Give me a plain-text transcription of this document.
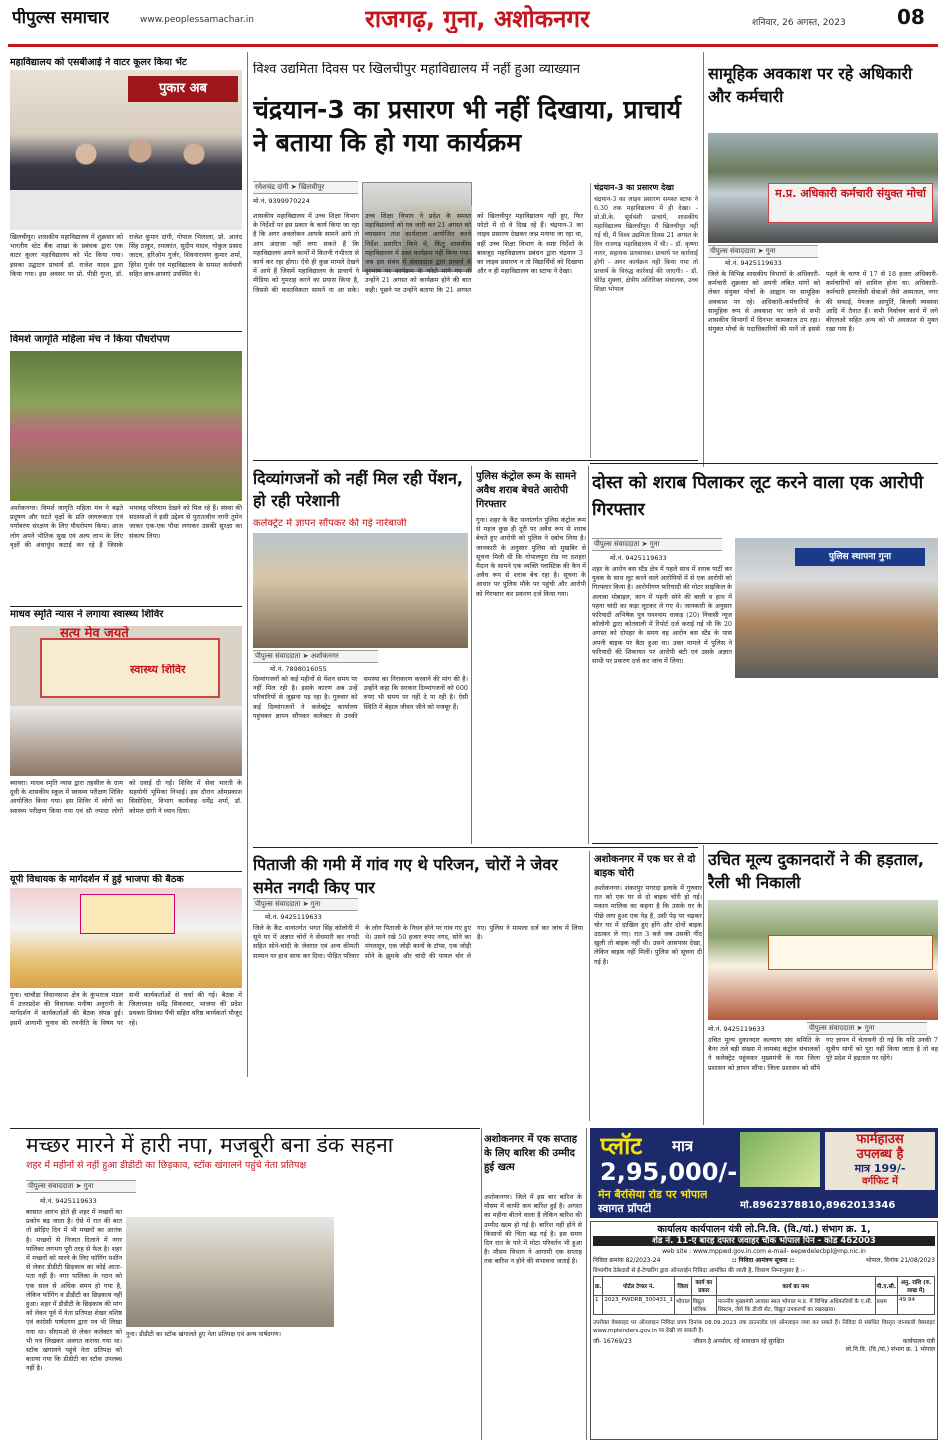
पीपुल्स समाचार	www.peoplessamachar.in	राजगढ़, गुना, अशोकनगर	शनिवार, 26 अगस्त, 2023	08
महाविद्यालय को एसबीआई ने वाटर कूलर किया भेंट
पुकार अब
खिलचीपुर। शासकीय महाविद्यालय में शुक्रवार को भारतीय स्टेट बैंक शाखा के प्रबंधक द्वारा एक वाटर कूलर महाविद्यालय को भेंट किया गया। इसका उद्घाटन प्राचार्य डॉ. राजेश यादव द्वारा किया गया। इस अवसर पर प्रो. पीडी गुप्ता, डॉ. राजेश कुमार दांगी, गोपाल भिलाला, प्रो. आनंद सिंह ठाकुर, रमाकांत, सुदीप यादव, गोकुल प्रसाद जाटव, हरिओम गुर्जर, शिवनारायण कुमार शर्मा, हिरेश गुर्जर एवं महाविद्यालय के समस्त कर्मचारी सहित छात्र-छात्राएं उपस्थित थे।
विमर्श जागृति महिला मंच ने किया पौधरोपण
अशोकनगर। विमर्श जागृति महिला मंच ने बढ़ते प्रदूषण और घटते वृक्षों के प्रति जागरूकता एवं पर्यावरण संरक्षण के लिए पौधरोपण किया। आज लोग अपने भौतिक सुख एवं अल्प लाभ के लिए वृक्षों की अंधाधुंध कटाई कर रहे हैं जिसके भयावह परिणाम देखने को मिल रहे हैं। संस्था की सदस्याओं ने इसी उद्देश्य से पुरातत्वीय नगरी तुमेन जाकर एक-एक पौधा लगाकर उसकी सुरक्षा का संकल्प लिया।
माधव स्मृति न्यास ने लगाया स्वास्थ्य शिविर
सत्य मेव जयते
स्वास्थ्य शिविर
ब्यावरा। माधव स्मृति न्यास द्वारा तहसील के ग्राम दूधी के शासकीय स्कूल में स्वास्थ्य परीक्षण शिविर आयोजित किया गया। इस शिविर में लोगों का स्वास्थ्य परीक्षण किया गया एवं सौ ज्यादा लोगों को दवाई दी गईं। शिविर में सेवा भारती के सहयोगी भूमिका निभाई। इस दौरान ओमप्रकाश सिसोदिया, विभाग कार्यवाह धर्मेंद्र शर्मा, डॉ. कोमल दांगी ने ध्यान दिया।
यूपी विधायक के मार्गदर्शन में हुई भाजपा की बैठक
गुना। चांचौड़ा विधानसभा क्षेत्र के कुंभराज मंडल में उत्तरप्रदेश की विधायक मनीषा अनुरागी के मार्गदर्शन में कार्यकर्ताओं की बैठक संपन्न हुई। इसमें आगामी चुनाव की रणनीति के विषय पर सभी कार्यकर्ताओं से चर्चा की गई। बैठक में जिलाध्यक्ष धर्मेंद्र सिकरवार, भाजपा की प्रदेश प्रवक्ता प्रियंका पैंची सहित वरिष्ठ कार्यकर्ता मौजूद रहे।
विश्व उद्यमिता दिवस पर खिलचीपुर महाविद्यालय में नहीं हुआ व्याख्यान
चंद्रयान-3 का प्रसारण भी नहीं दिखाया, प्राचार्य ने बताया कि हो गया कार्यक्रम
रमेशचंद्र दांगी ➤ खिलचीपुर
मो.नं. 9399970224
शासकीय महाविद्यालय में उच्च शिक्षा विभाग के निर्देशों पर इस प्रकार के कार्य किया जा रहा है कि अगर अवलोकन आपके सामने आये तो आप अंदाजा नहीं लगा सकते हैं कि महाविद्यालय अपने कार्यों में कितनी गंभीरता से कार्य कर रहा होगा। ऐसे ही कुछ मामले देखने में आये हैं जिसमें महाविद्यालय के प्राचार्य ने मीडिया को गुमराह करने का प्रयास किया है, जिससे की वास्तविकता सामने ना आ सके। उच्च शिक्षा विभाग ने प्रदेश के समस्त महाविद्यालयों को पत्र जारी कर 21 अगस्त को व्याख्यान तथा कार्यशाला आयोजित करने निर्देश प्रसारित किये थे, किंतु शासकीय महाविद्यालय में उक्त कार्यक्रम नहीं किया गया। जब इस संबंध में संवाददाता द्वारा प्राचार्य से दूरभाष पर कार्यक्रम के फोटो मांगे गए तो उन्होंने 21 अगस्त को कार्यक्रम होने की बात कही। पूछने पर उन्होंने बताया कि 21 अगस्त को खिलचीपुर महाविद्यालय नहीं हुए, फिर फोटो में दो वे दिख रहे हैं। चंद्रयान-3 का लाइव प्रसारण देखकर जश्न मनाया जा रहा था, वहीं उच्च शिक्षा विभाग के स्पष्ट निर्देशों के बावजूद महाविद्यालय प्रबंधन द्वारा चंद्रयान 3 का लाइव प्रसारण न तो विद्यार्थियों को दिखाया और न ही महाविद्यालय का स्टाफ ने देखा।
चंद्रयान-3 का प्रसारण देखा
चंद्रयान-3 का लाइव प्रसारण समस्त स्टाफ ने 6.30 तक महाविद्यालय में ही देखा। - प्रो.डी.के. सूर्यवंशी प्राचार्य, शासकीय महाविद्यालय खिलचीपुर। मैं खिलचीपुर नहीं गई थी, मैं विश्व उद्यमिता दिवस 21 अगस्त के दिन राजगढ़ महाविद्यालय में थी। - डॉ. कृष्णा नागर, सहायक प्राध्यापक। प्राचार्य पर कार्रवाई होगी - अगर कार्यक्रम नहीं किया गया तो प्राचार्य के विरुद्ध कार्रवाई की जाएगी। - डॉ. धीरेंद्र शुक्ला, क्षेत्रीय अतिरिक्त संचालक, उच्च शिक्षा भोपाल
सामूहिक अवकाश पर रहे अधिकारी और कर्मचारी
म.प्र. अधिकारी कर्मचारी संयुक्त मोर्चा
पीपुल्स संवाददाता ➤ गुना
मो.नं. 9425119633
जिले के विभिन्न शासकीय विभागों के अधिकारी-कर्मचारी शुक्रवार को अपनी लंबित मांगों को लेकर संयुक्त मोर्चा के आह्वान पर सामूहिक अवकाश पर रहे। अधिकारी-कर्मचारियों के सामूहिक रूप से अवकाश पर जाने से सभी शासकीय विभागों में दिनभर कामकाज ठप रहा। संयुक्त मोर्चा के पदाधिकारियों की मानें तो इससे पहले के चरण में 17 से 18 हजार अधिकारी-कर्मचारियों को शामिल होना था। अधिकारी-कर्मचारी इमरजेंसी सेवाओं जैसे अस्पताल, नगर की सफाई, पेयजल आपूर्ति, बिजली व्यवस्था आदि में तैनात हैं। सभी निर्वाचन कार्य में लगे बीएलओ सहित अन्य को भी अवकाश से मुक्त रखा गया है।
दोस्त को शराब पिलाकर लूट करने वाला एक आरोपी गिरफ्तार
पीपुल्स संवाददाता ➤ गुना
मो.नं. 9425119633	पुलिस स्थापना गुना
शहर के आरोन बस स्टैंड क्षेत्र में पहले साथ में शराब पार्टी कर युवक के साथ लूट करने वाले आरोपियों में से एक आरोपी को गिरफ्तार किया है। आरोपीगण फरियादी की मोटर साइकिल के अलावा मोबाइल, कान में पहनी सोने की बाली व हाथ में पहना चांदी का कड़ा लूटकर ले गए थे। जानकारी के अनुसार फरियादी अभिषेक पुत्र घनश्याम धाकड़ (20) निवासी न्यूज कॉलोनी द्वारा कोतवाली में रिपोर्ट दर्ज कराई गई थी कि 20 अगस्त को दोपहर के समय वह आरोन बस स्टैंड के पास अपनी बाइक पर बैठा हुआ था। उक्त मामले में पुलिस ने फरियादी की शिकायत पर आरोपी बंटी एवं उसके अज्ञात साथी पर प्रकरण दर्ज कर जांच में लिया।
उचित मूल्य दुकानदारों ने की हड़ताल, रैली भी निकाली
पीपुल्स संवाददाता ➤ गुना
मो.नं. 9425119633
उचित मूल्य दुकानदार कल्याण संघ समिति के बैनर तले बड़ी संख्या में लामबंद कंट्रोल संचालकों ने कलेक्ट्रेट पहुंचकर मुख्यमंत्री के नाम जिला प्रशासन को ज्ञापन सौंपा। जिला प्रशासन को सौंपे गए ज्ञापन में चेतावनी दी गई कि यदि उनकी 7 सूत्रीय मांगों को पूरा नहीं किया जाता है तो वह पूरे प्रदेश में हड़ताल पर रहेंगे।
दिव्यांगजनों को नहीं मिल रही पेंशन, हो रही परेशानी
कलेक्ट्रेट में ज्ञापन सौंपकर की गई नारेबाजी
पीपुल्स संवाददाता ➤ अशोकनगर
मो.नं. 7898016055
दिव्यांगजनों को कई महीनों से पेंशन समय पर नहीं मिल रही है। इसके कारण अब उन्हें परिवारियों से जुझना पड़ रहा है। गुरुवार को कई दिव्यांगजनों ने कलेक्ट्रेट कार्यालय पहुंचकर ज्ञापन सौंपकर कलेक्टर से उनकी समस्या का निराकरण करवाने की मांग की है। उन्होंने कहा कि सरकार दिव्यांगजनों को 600 रुपए भी समय पर नहीं दे पा रही है। ऐसी स्थिति में बेहाल जीवन जीने को मजबूर हैं।
पुलिस कंट्रोल रूम के सामने अवैध शराब बेचते आरोपी गिरफ्तार
गुना। शहर के कैंट थानांतर्गत पुलिस कंट्रोल रूम से महज कुछ ही दूरी पर अवैध रूप से शराब बेचते हुए आरोपी को पुलिस ने दबोच लिया है। जानकारी के अनुसार पुलिस को मुखबिर से सूचना मिली थी कि गोपालपुरा रोड पर दशहरा मैदान के सामने एक व्यक्ति प्लास्टिक की कैन में अवैध रूप से शराब बेच रहा है। सूचना के आधार पर पुलिस मौके पर पहुंची और आरोपी को गिरफ्तार कर प्रकरण दर्ज किया गया।
पिताजी की गमी में गांव गए थे परिजन, चोरों ने जेवर समेत नगदी किए पार
पीपुल्स संवाददाता ➤ गुना
मो.नं. 9425119633
जिले के कैंट थानांतर्गत भगत सिंह कॉलोनी में सूने घर में अज्ञात चोरों ने सेंधमारी कर नगदी सहित सोने-चांदी के जेवरात एवं अन्य कीमती सामान पर हाथ साफ कर दिया। पीड़ित परिवार के लोग पिताजी के निधन होने पर गांव गए हुए थे। उसने रखे 50 हजार रुपए नगद, सोने का मंगलसूत्र, एक जोड़ी कानों के टॉप्स, एक जोड़ी सोने के झुमके और चांदी की पायल चोर ले गए। पुलिस ने मामला दर्ज कर जांच में लिया है।
अशोकनगर में एक घर से दो बाइक चोरी
अशोकनगर। शंकरपुर मगरदा इलाके में गुरुवार रात को एक घर से दो बाइक चोरी हो गई। मकान मालिक का कहना है कि उसके घर के पीछे लगा हुआ एक पेड़ है, उसी पेड़ पर चढ़कर चोर घर में दाखिल हुए होंगे और दोनों बाइक उठाकर ले गए। रात 3 बजे जब उसकी नींद खुली तो बाइक नहीं थी। उसने आसपास देखा, लेकिन बाइक नहीं मिलीं। पुलिस को सूचना दी गई है।
मच्छर मारने में हारी नपा, मजबूरी बना डंक सहना
शहर में महीनों से नहीं हुआ डीडीटी का छिड़काव, स्टॉक खंगालने पहुंचे नेता प्रतिपक्ष
पीपुल्स संवाददाता ➤ गुना
मो.नं. 9425119633
गुना। डीडीटी का स्टॉक खंगालते हुए नेता प्रतिपक्ष एवं अन्य पार्षदगण।
बरसात आरंभ होते ही शहर में मच्छरों का प्रकोप बढ़ जाता है। ऐसे में रात की बात तो छोड़िए दिन में भी मच्छरों का आतंक है। मच्छरों से निजात दिलाने में नगर पालिका लगभग पूरी तरह से फेल है। शहर में मच्छरों को मारने के लिए फॉगिंग मशीन से लेकर डीडीटी छिड़काव का कोई आता-पता नहीं है। नगर पालिका के गठन को एक साल से अधिक समय हो गया है, लेकिन फॉगिंग व डीडीटी का छिड़काव नहीं हुआ। शहर में डीडीटी के छिड़काव की मांग को लेकर पूर्व में नेता प्रतिपक्ष शेखर वशिष्ठ एवं कांग्रेसी पार्षदगण द्वारा पत्र भी लिखा गया था। सीएमओ से लेकर कलेक्टर को भी पत्र लिखकर अवगत कराया गया था। स्टॉक खंगालने पहुंचे नेता प्रतिपक्ष को बताया गया कि डीडीटी का स्टॉक उपलब्ध नहीं है।
अशोकनगर में एक सप्ताह के लिए बारिश की उम्मीद हुई खत्म
अशोकनगर। जिले में इस बार बारिश के मौसम में काफी कम बारिश हुई है। अगस्त का महीना बीतने वाला है लेकिन बारिश की उम्मीद खत्म हो गई है। बारिश नहीं होने से किसानों की चिंता बढ़ गई है। इस समय दिन रात के पारे में मोटा परिवर्तन भी हुआ है। मौसम विभाग ने आगामी एक सप्ताह तक बारिश न होने की संभावना जताई है।
प्लॉट मात्र
2,95,000/-
फार्महाउस
उपलब्ध है
मात्र 199/-
वर्गफिट में
मेन बैरसिया रोड पर भोपाल
स्वागत प्रॉपर्टी	मो.8962378810,8962013346
कार्यालय कार्यपालन यंत्री लो.नि.वि. (वि./यां.) संभाग क्र. 1,
शेड नं. 11-ए बारह दफ्तर जवाहर चौक भोपाल पिन - कोड 462003
web site : www.mppwd.gov.in.com e-mail- eepwdelecbpl@mp.nic.in
निविदा क्रमांक 82/2023-24	:: निविदा आमंत्रण सूचना ::	भोपाल, दिनांक 21/08/2023
विभागीय ठेकेदारों से ई-टेण्डरिंग द्वारा ऑनलाईन निविदा आमंत्रित की जाती है, विवरण निम्नानुसार है :-
क्र.	पोर्टल टेण्डर नं.	जिला	कार्य का प्रकार	कार्य का नाम	पी.ए.सी.	अनु. राशि (रु. लाख में)
1	2023_PWDRB_300431_1	भोपाल	विद्युत यांत्रिक	माननीय मुख्यमंत्री आवास स्थल भोपाल म.प्र. में विभिन्न अधिकारियों के ए.सी. सिस्टम, जैसे कि डीजी सेट, विद्युत उपकरणों का रखरखाव।	प्रथम	49.94
उपरोक्त वेबसाइट पर ऑनलाइन निविदा प्रपत्र दिनांक 08.09.2023 तक डाउनलोड एवं ऑनलाइन जमा कर सकते हैं। निविदा से संबंधित विस्तृत जानकारी वेबसाइट www.mptenders.gov.in पर देखी जा सकती है।
जी- 16769/23	जीवन है अनमोल, रहें सावधान रहें सुरक्षित	कार्यपालन यंत्री
लो.नि.वि. (वि./यां.) संभाग क्र. 1 भोपाल
